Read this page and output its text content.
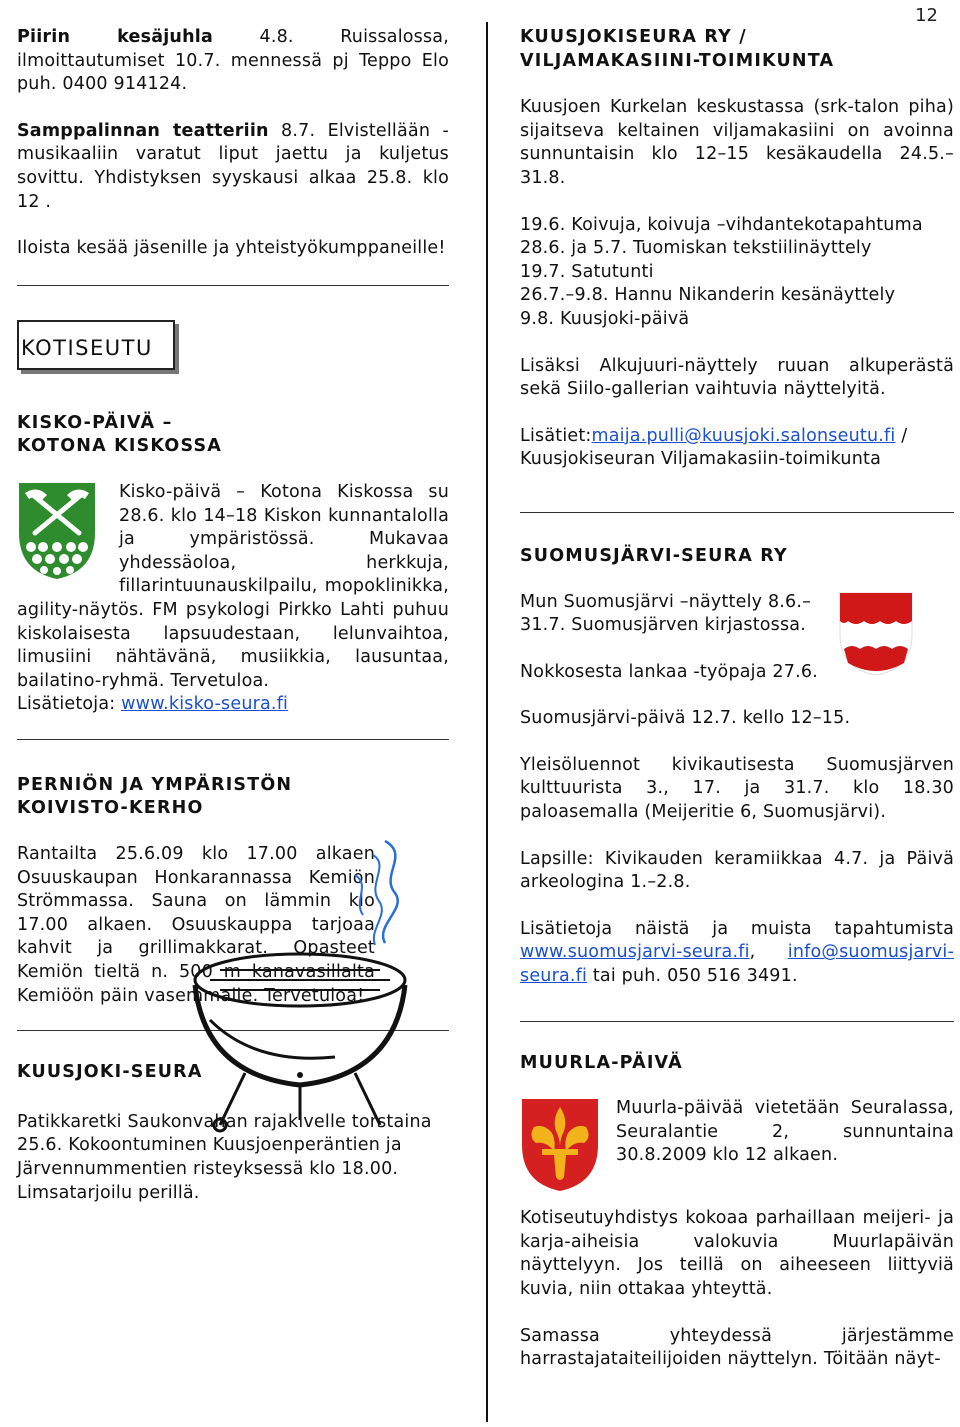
12

Piirin kesäjuhla 4.8. Ruissalossa, ilmoittautumiset 10.7. mennessä pj Teppo Elo puh. 0400 914124.

Samppalinnan teatteriin 8.7. Elvistellään -musikaaliin varatut liput jaettu ja kuljetus sovittu. Yhdistyksen syyskausi alkaa 25.8. klo 12 .

Iloista kesää jäsenille ja yhteistyökumppaneille!

KOTISEUTU

KISKO-PÄIVÄ –

KOTONA KISKOSSA

Kisko-päivä – Kotona Kiskossa su 28.6. klo 14–18 Kiskon kunnantalolla ja ympäristössä. Mukavaa yhdessäoloa, herkkuja, fillarintuunauskilpailu, mopoklinikka, agility-näytös. FM psykologi Pirkko Lahti puhuu kiskolaisesta lapsuudestaan, lelunvaihtoa, limusiini nähtävänä, musiikkia, lausuntaa, bailatino-ryhmä. Tervetuloa.

Lisätietoja: www.kisko-seura.fi

PERNIÖN JA YMPÄRISTÖN

KOIVISTO-KERHO

Rantailta 25.6.09 klo 17.00 alkaen Osuuskaupan Honkarannassa Kemiön Strömmassa. Sauna on lämmin klo 17.00 alkaen. Osuuskauppa tarjoaa kahvit ja grillimakkarat. Opasteet Kemiön tieltä n. 500 m kanavasillalta Kemiöön päin vasemmalle. Tervetuloa!

KUUSJOKI-SEURA

Patikkaretki Saukonvahan rajakivelle torstaina 25.6. Kokoontuminen Kuusjoenperäntien ja Järvennummentien risteyksessä klo 18.00. Limsatarjoilu perillä.

KUUSJOKISEURA RY /

VILJAMAKASIINI-TOIMIKUNTA

Kuusjoen Kurkelan keskustassa (srk-talon piha) sijaitseva keltainen viljamakasiini on avoinna sunnuntaisin klo 12–15 kesäkaudella 24.5.–31.8.

19.6. Koivuja, koivuja –vihdantekotapahtuma

28.6. ja 5.7. Tuomiskan tekstiilinäyttely

19.7. Satutunti

26.7.–9.8. Hannu Nikanderin kesänäyttely

9.8. Kuusjoki-päivä

Lisäksi Alkujuuri-näyttely ruuan alkuperästä sekä Siilo-gallerian vaihtuvia näyttelyitä.

Lisätiet:maija.pulli@kuusjoki.salonseutu.fi / Kuusjokiseuran Viljamakasiin-toimikunta

SUOMUSJÄRVI-SEURA RY

Mun Suomusjärvi –näyttely 8.6.–31.7. Suomusjärven kirjastossa.

Nokkosesta lankaa -työpaja 27.6.

Suomusjärvi-päivä 12.7. kello 12–15.

Yleisöluennot kivikautisesta Suomusjärven kulttuurista 3., 17. ja 31.7. klo 18.30 paloasemalla (Meijeritie 6, Suomusjärvi).

Lapsille: Kivikauden keramiikkaa 4.7. ja Päivä arkeologina 1.–2.8.

Lisätietoja näistä ja muista tapahtumista www.suomusjarvi-seura.fi, info@suomusjarvi-seura.fi tai puh. 050 516 3491.

MUURLA-PÄIVÄ

Muurla-päivää vietetään Seuralassa, Seuralantie 2, sunnuntaina 30.8.2009 klo 12 alkaen.

Kotiseutuyhdistys kokoaa parhaillaan meijeri- ja karja-aiheisia valokuvia Muurlapäivän näyttelyyn. Jos teillä on aiheeseen liittyviä kuvia, niin ottakaa yhteyttä.

Samassa yhteydessä järjestämme harrastajataiteilijoiden näyttelyn. Töitään näyt-
